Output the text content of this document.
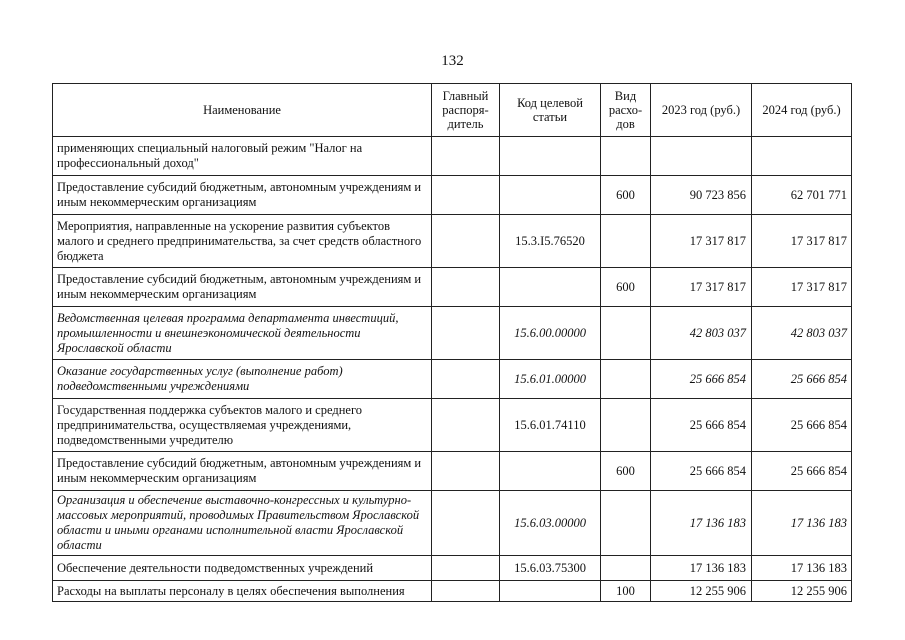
132
Наименование	Главный распоря- дитель	Код целевой статьи	Вид расхо- дов	2023 год (руб.)	2024 год (руб.)
применяющих специальный налоговый режим "Налог на профессиональный доход"					
Предоставление субсидий бюджетным, автономным учреждениям и иным некоммерческим организациям			600	90 723 856	62 701 771
Мероприятия, направленные на ускорение развития субъектов малого и среднего предпринимательства, за счет средств областного бюджета		15.3.I5.76520		17 317 817	17 317 817
Предоставление субсидий бюджетным, автономным учреждениям и иным некоммерческим организациям			600	17 317 817	17 317 817
Ведомственная целевая программа департамента инвестиций, промышленности и внешнеэкономической деятельности Ярославской области		15.6.00.00000		42 803 037	42 803 037
Оказание государственных услуг (выполнение работ) подведомственными учреждениями		15.6.01.00000		25 666 854	25 666 854
Государственная поддержка субъектов малого и среднего предпринимательства, осуществляемая учреждениями, подведомственными учредителю		15.6.01.74110		25 666 854	25 666 854
Предоставление субсидий бюджетным, автономным учреждениям и иным некоммерческим организациям			600	25 666 854	25 666 854
Организация и обеспечение выставочно-конгрессных и культурно-массовых мероприятий, проводимых Правительством Ярославской области и иными органами исполнительной власти Ярославской области		15.6.03.00000		17 136 183	17 136 183
Обеспечение деятельности подведомственных учреждений		15.6.03.75300		17 136 183	17 136 183
Расходы на выплаты персоналу в целях обеспечения выполнения			100	12 255 906	12 255 906
